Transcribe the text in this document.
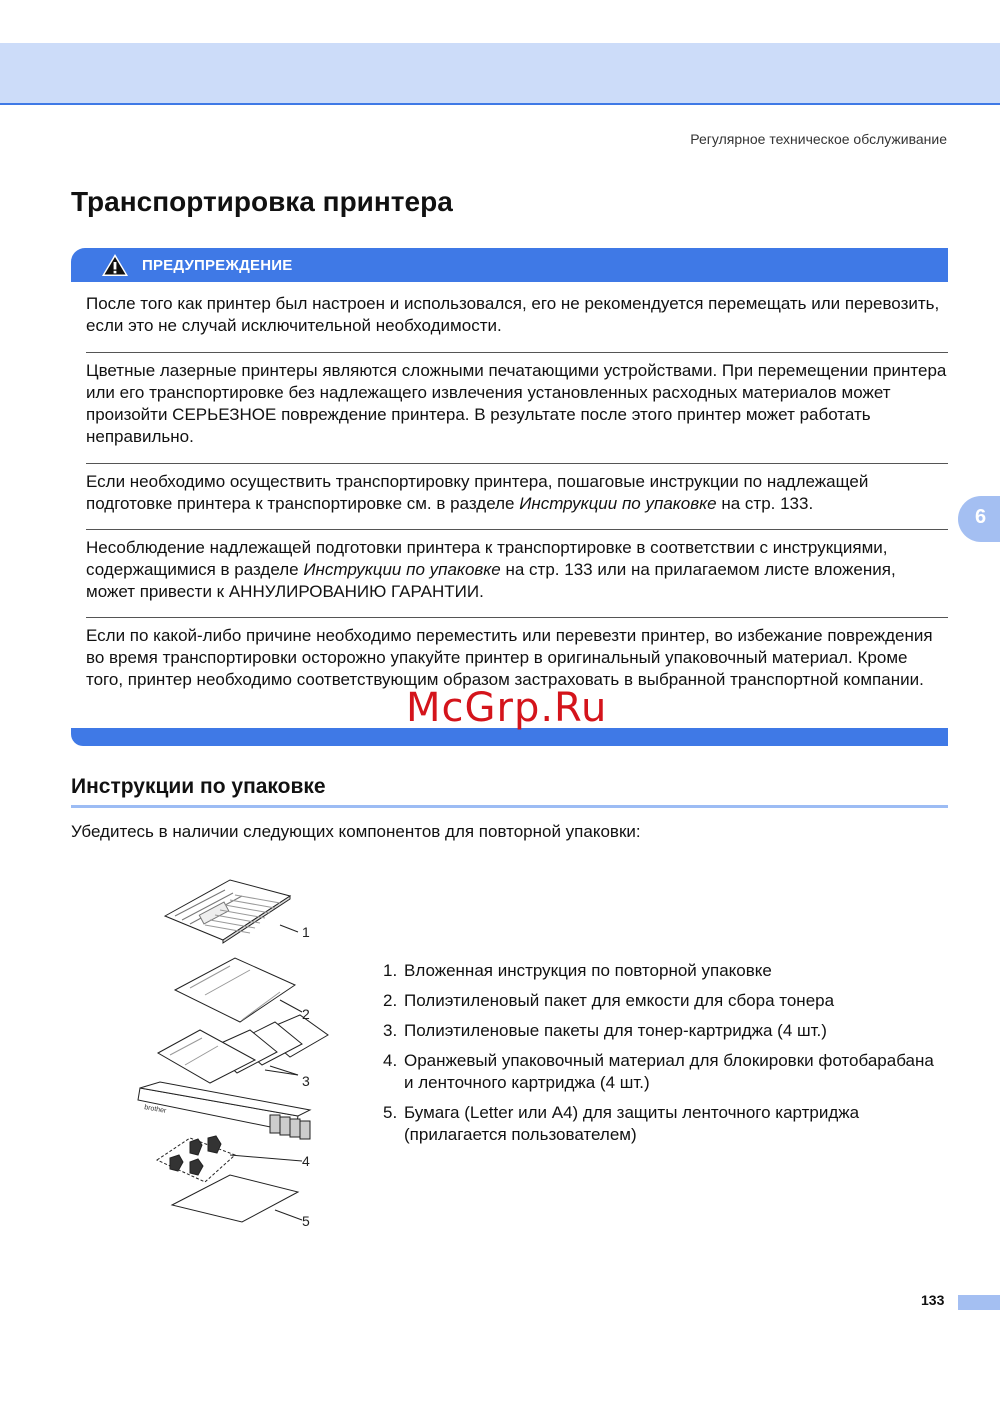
Регулярное техническое обслуживание
Транспортировка принтера
ПРЕДУПРЕЖДЕНИЕ
После того как принтер был настроен и использовался, его не рекомендуется перемещать или перевозить, если это не случай исключительной необходимости.
Цветные лазерные принтеры являются сложными печатающими устройствами. При перемещении принтера или его транспортировке без надлежащего извлечения установленных расходных материалов может произойти СЕРЬЕЗНОЕ повреждение принтера. В результате после этого принтер может работать неправильно.
Если необходимо осуществить транспортировку принтера, пошаговые инструкции по надлежащей подготовке принтера к транспортировке см. в разделе Инструкции по упаковке на стр. 133.
Несоблюдение надлежащей подготовки принтера к транспортировке в соответствии с инструкциями, содержащимися в разделе Инструкции по упаковке на стр. 133 или на прилагаемом листе вложения, может привести к АННУЛИРОВАНИЮ ГАРАНТИИ.
Если по какой-либо причине необходимо переместить или перевезти принтер, во избежание повреждения во время транспортировки осторожно упакуйте принтер в оригинальный упаковочный материал. Кроме того, принтер необходимо соответствующим образом застраховать в выбранной транспортной компании.
Инструкции по упаковке
Убедитесь в наличии следующих компонентов для повторной упаковки:
brother
1
2
3
4
5
1. Вложенная инструкция по повторной упаковке
2. Полиэтиленовый пакет для емкости для сбора тонера
3. Полиэтиленовые пакеты для тонер-картриджа (4 шт.)
4. Оранжевый упаковочный материал для блокировки фотобарабана и ленточного картриджа (4 шт.)
5. Бумага (Letter или A4) для защиты ленточного картриджа (прилагается пользователем)
6
McGrp.Ru
133
